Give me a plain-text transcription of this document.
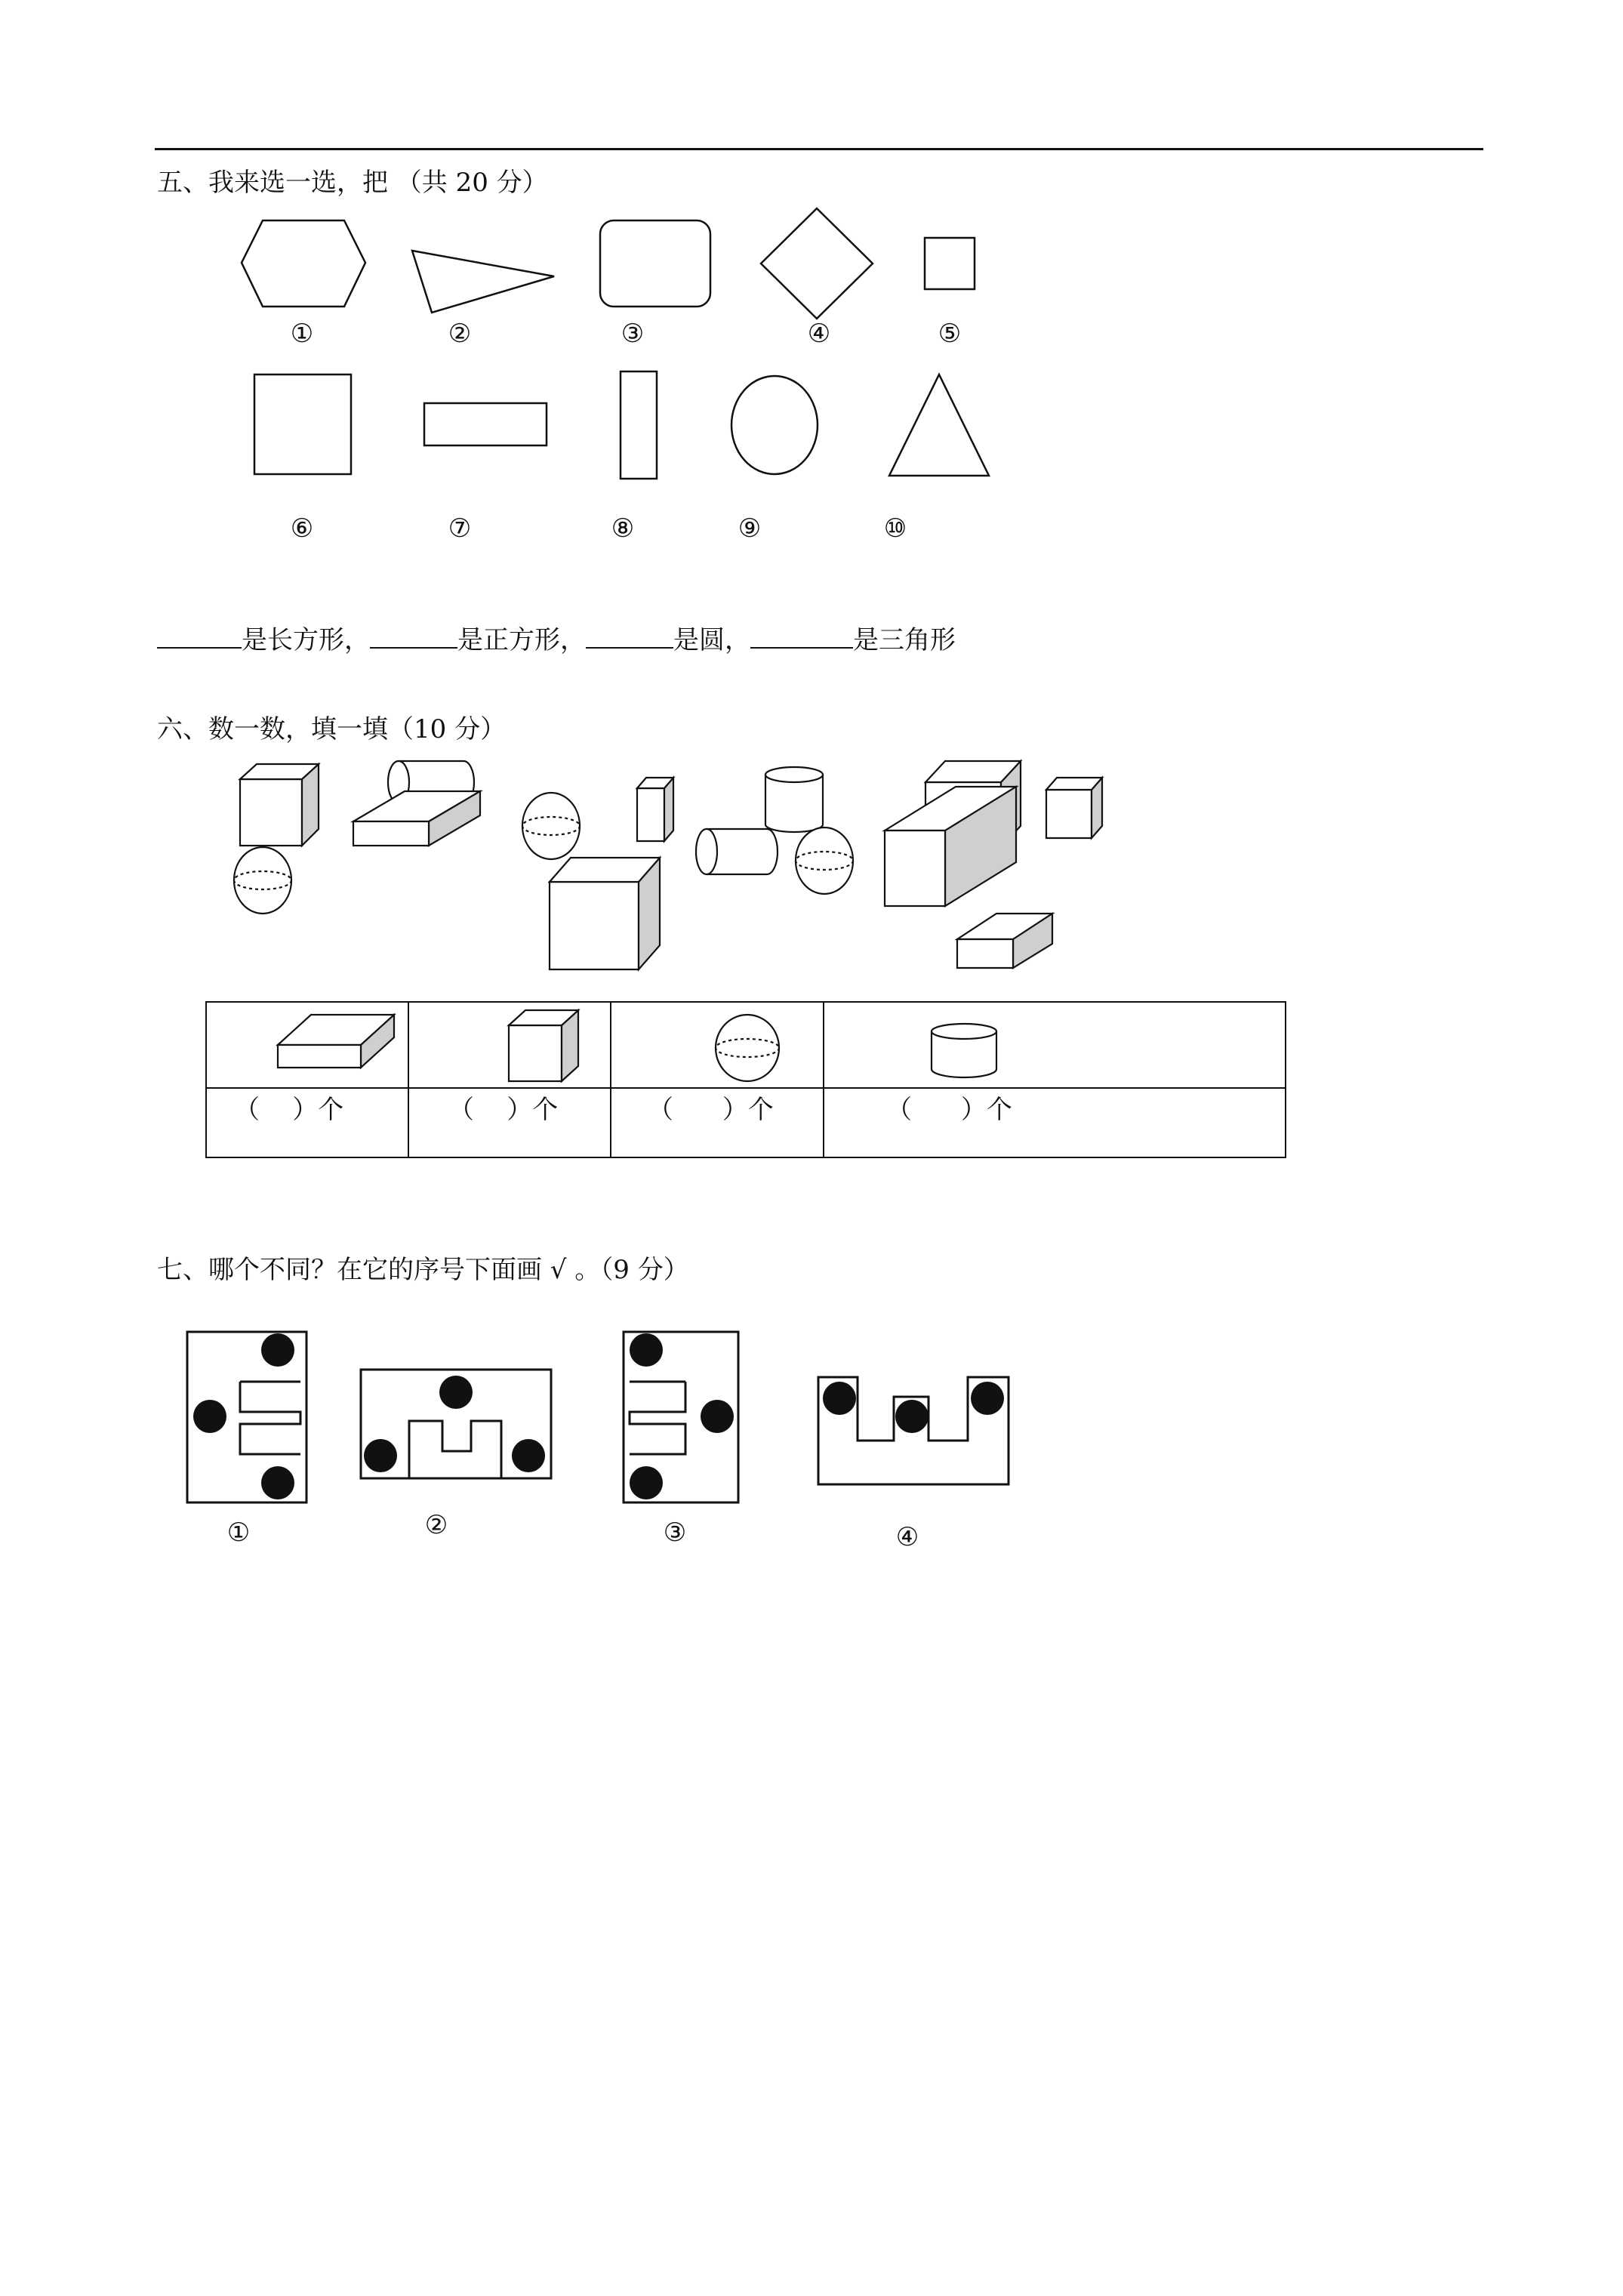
五、我来选一选，把 （共 20 分）
①	②	③	④	⑤
⑥	⑦	⑧	⑨	⑩
是长方形，	是正方形，	是圆，	是三角形
六、数一数，填一填（10 分）

（    ）个	（    ）个	（      ）个	（      ）个
七、哪个不同？在它的序号下面画 √ 。（9 分）
①	②	③	④
